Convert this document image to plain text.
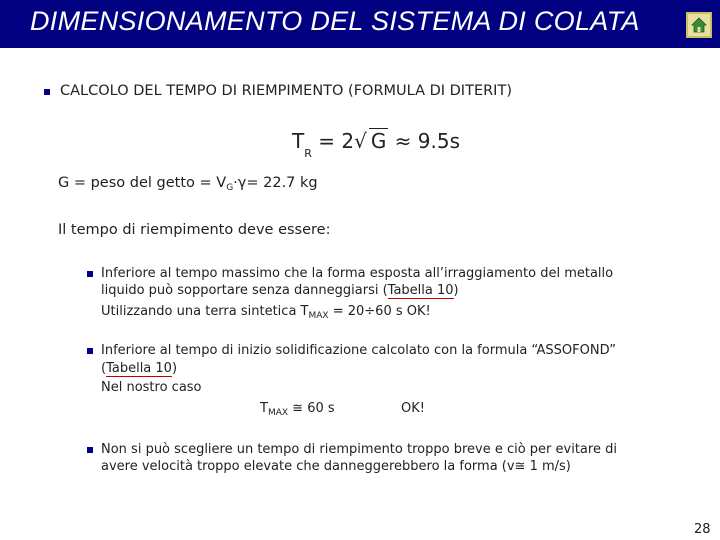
DIMENSIONAMENTO DEL SISTEMA DI COLATA
CALCOLO DEL TEMPO DI RIEMPIMENTO (FORMULA DI DITERIT)
$T_R = 2√$ G ≈ 9.5s
G = peso del getto = $V_G\cdot\gamma= 22.7$ kg
Il tempo di riempimento deve essere:
Inferiore al tempo massimo che la forma esposta all’irraggiamento del metallo
liquido può sopportare senza danneggiarsi (Tabella 10)
Utilizzando una terra sintetica $T_{MAX} = 20\div 60$ s OK!
Inferiore al tempo di inizio solidificazione calcolato con la formula “ASSOFOND”
(Tabella 10)
Nel nostro caso
$T_{MAX}$ ≅ 60 s	OK!
Non si può scegliere un tempo di riempimento troppo breve e ciò per evitare di
avere velocità troppo elevate che danneggerebbero la forma (v≅ 1 m/s)
28
